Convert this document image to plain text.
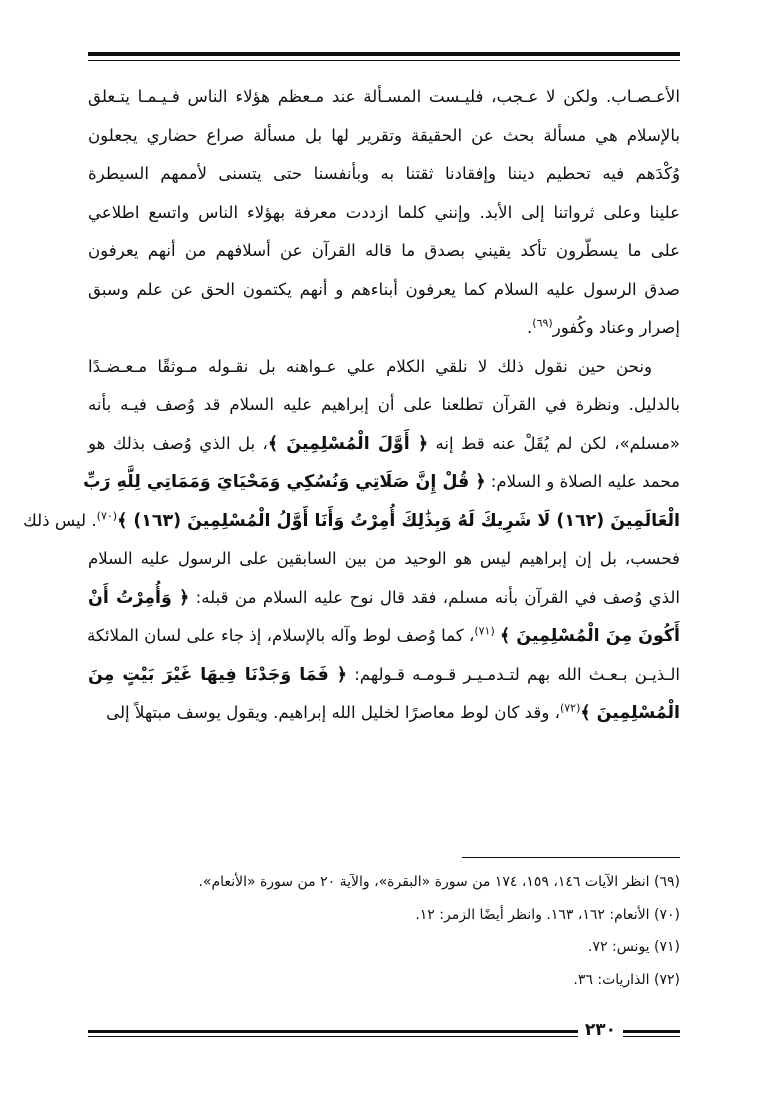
الأعـصـاب. ولكن لا عـجب، فليـست المسـألة عند مـعظم هؤلاء الناس فـيـمـا يتـعلق
بالإسلام هي مسألة بحث عن الحقيقة وتقرير لها بل مسألة صراع حضاري يجعلون
وُكْدَهم فيه تحطيم ديننا وإفقادنا ثقتنا به وبأنفسنا حتى يتسنى لأممهم السيطرة
علينا وعلى ثرواتنا إلى الأبد. وإنني كلما ازددت معرفة بهؤلاء الناس واتسع اطلاعي
على ما يسطّرون تأكد يقيني بصدق ما قاله القرآن عن أسلافهم من أنهم يعرفون
صدق الرسول عليه السلام كما يعرفون أبناءهم و أنهم يكتمون الحق عن علم وسبق
إصرار وعناد وكُفور$^{(٦٩)}$.
ونحن حين نقول ذلك لا نلقي الكلام علي عـواهنه بل نقـوله مـوثقًا مـعـضـدًا
بالدليل. ونظرة في القرآن تطلعنا على أن إبراهيم عليه السلام قد وُصف فيـه بأنه
«مسلم»، لكن لم يُقَلْ عنه قط إنه ﴿ أَوَّلَ الْمُسْلِمِينَ ﴾، بل الذي وُصف بذلك هو
محمد عليه الصلاة و السلام: ﴿ قُلْ إِنَّ صَلَاتِي وَنُسُكِي وَمَحْيَايَ وَمَمَاتِي لِلَّهِ رَبِّ
الْعَالَمِينَ (١٦٢) لَا شَرِيكَ لَهُ وَبِذَٰلِكَ أُمِرْتُ وَأَنَا أَوَّلُ الْمُسْلِمِينَ (١٦٣) ﴾$^{(٧٠)}$. ليس ذلك
فحسب، بل إن إبراهيم ليس هو الوحيد من بين السابقين على الرسول عليه السلام
الذي وُصف في القرآن بأنه مسلم، فقد قال نوح عليه السلام من قبله: ﴿ وَأُمِرْتُ أَنْ
أَكُونَ مِنَ الْمُسْلِمِينَ ﴾ $^{(٧١)}$، كما وُصف لوط وآله بالإسلام، إذ جاء على لسان الملائكة
الـذيـن بـعـث الله بهم لتـدمـيـر قـومـه قـولهم: ﴿ فَمَا وَجَدْنَا فِيهَا غَيْرَ بَيْتٍ مِنَ
الْمُسْلِمِينَ ﴾$^{(٧٢)}$، وقد كان لوط معاصرًا لخليل الله إبراهيم. ويقول يوسف مبتهلاً إلى
(٦٩) انظر الآيات ١٤٦، ١٥٩، ١٧٤ من سورة «البقرة»، والآية ٢٠ من سورة «الأنعام».
(٧٠) الأنعام: ١٦٢، ١٦٣. وانظر أيضًا الزمر: ١٢.
(٧١) يونس: ٧٢.
(٧٢) الذاريات: ٣٦.
٢٣٠
